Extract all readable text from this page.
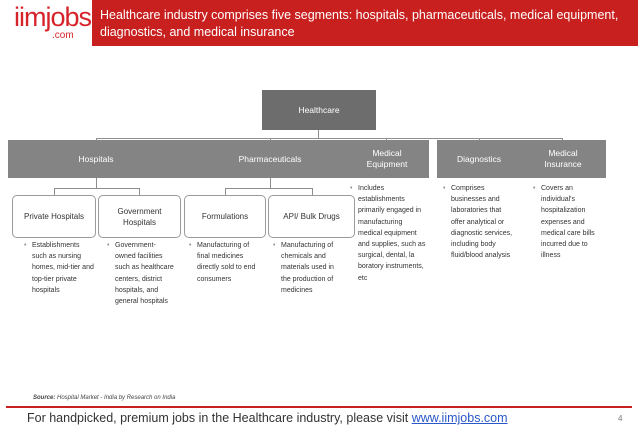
iimjobs
.com
Healthcare industry comprises five segments: hospitals, pharmaceuticals, medical equipment, diagnostics, and medical insurance
Healthcare
Hospitals	Pharmaceuticals
Medical Equipment
Diagnostics
Medical Insurance
Private Hospitals
Government Hospitals
Formulations	API/ Bulk Drugs
• Establishments such as nursing homes, mid-tier and top-tier private hospitals
• Government-owned facilities such as healthcare centers, district hospitals, and general hospitals
• Manufacturing of final medicines directly sold to end consumers
• Manufacturing of chemicals and materials used in the production of medicines
• Includes establishments primarily engaged in manufacturing medical equipment and supplies, such as surgical, dental, la boratory instruments, etc
• Comprises businesses and laboratories that offer analytical or diagnostic services, including body fluid/blood analysis
• Covers an individual's hospitalization expenses and medical care bills incurred due to illness
Source: Hospital Market - India by Research on India
For handpicked, premium jobs in the Healthcare industry, please visit www.iimjobs.com	4
